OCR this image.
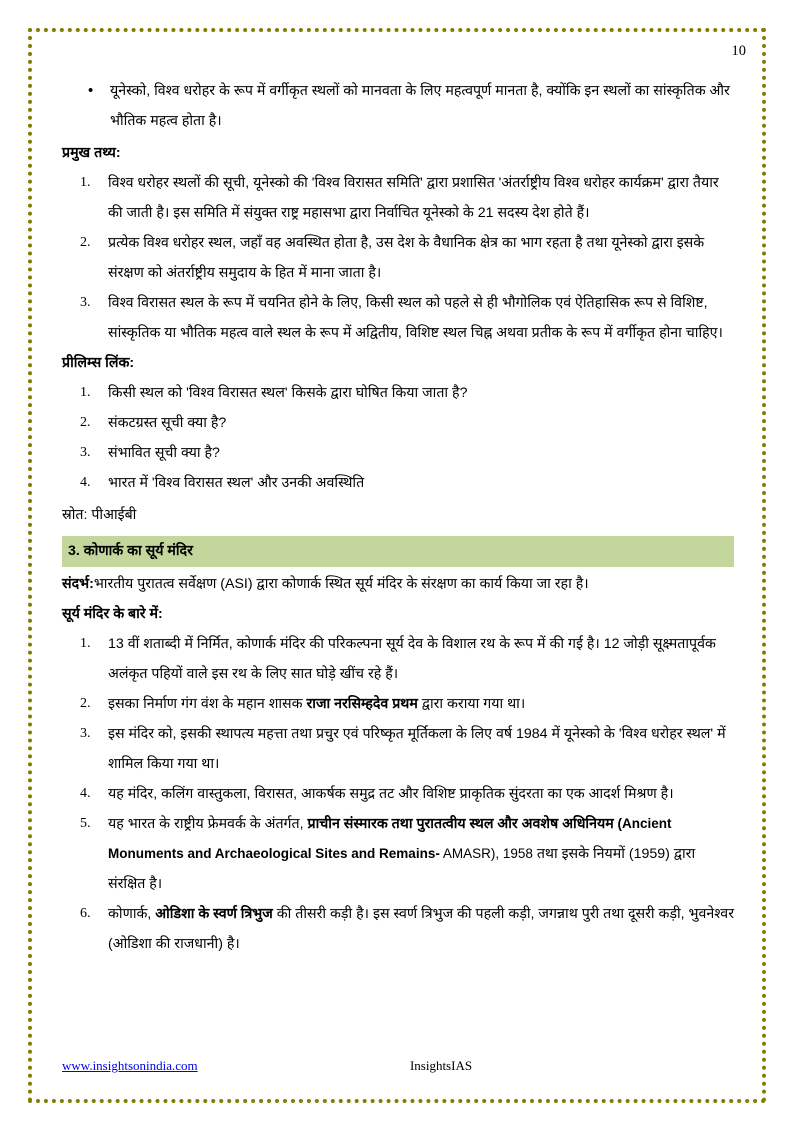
10
• यूनेस्को, विश्व धरोहर के रूप में वर्गीकृत स्थलों को मानवता के लिए महत्वपूर्ण मानता है, क्योंकि इन स्थलों का सांस्कृतिक और भौतिक महत्व होता है।
प्रमुख तथ्य:
विश्व धरोहर स्थलों की सूची, यूनेस्को की 'विश्व विरासत समिति' द्वारा प्रशासित 'अंतर्राष्ट्रीय विश्व धरोहर कार्यक्रम' द्वारा तैयार की जाती है। इस समिति में संयुक्त राष्ट्र महासभा द्वारा निर्वाचित यूनेस्को के 21 सदस्य देश होते हैं।
प्रत्येक विश्व धरोहर स्थल, जहाँ वह अवस्थित होता है, उस देश के वैधानिक क्षेत्र का भाग रहता है तथा यूनेस्को द्वारा इसके संरक्षण को अंतर्राष्ट्रीय समुदाय के हित में माना जाता है।
विश्व विरासत स्थल के रूप में चयनित होने के लिए, किसी स्थल को पहले से ही भौगोलिक एवं ऐतिहासिक रूप से विशिष्ट, सांस्कृतिक या भौतिक महत्व वाले स्थल के रूप में अद्वितीय, विशिष्ट स्थल चिह्न अथवा प्रतीक के रूप में वर्गीकृत होना चाहिए।
प्रीलिम्स लिंक:
किसी स्थल को 'विश्व विरासत स्थल' किसके द्वारा घोषित किया जाता है?
संकटग्रस्त सूची क्या है?
संभावित सूची क्या है?
भारत में 'विश्व विरासत स्थल' और उनकी अवस्थिति
स्रोत: पीआईबी
3. कोणार्क का सूर्य मंदिर
संदर्भ:भारतीय पुरातत्व सर्वेक्षण (ASI) द्वारा कोणार्क स्थित सूर्य मंदिर के संरक्षण का कार्य किया जा रहा है।
सूर्य मंदिर के बारे में:
13 वीं शताब्दी में निर्मित, कोणार्क मंदिर की परिकल्पना सूर्य देव के विशाल रथ के रूप में की गई है। 12 जोड़ी सूक्ष्मतापूर्वक अलंकृत पहियों वाले इस रथ के लिए सात घोड़े खींच रहे हैं।
इसका निर्माण गंग वंश के महान शासक राजा नरसिम्हदेव प्रथम द्वारा कराया गया था।
इस मंदिर को, इसकी स्थापत्य महत्ता तथा प्रचुर एवं परिष्कृत मूर्तिकला के लिए वर्ष 1984 में यूनेस्को के 'विश्व धरोहर स्थल' में शामिल किया गया था।
यह मंदिर, कलिंग वास्तुकला, विरासत, आकर्षक समुद्र तट और विशिष्ट प्राकृतिक सुंदरता का एक आदर्श मिश्रण है।
यह भारत के राष्ट्रीय फ्रेमवर्क के अंतर्गत, प्राचीन संस्मारक तथा पुरातत्वीय स्थल और अवशेष अधिनियम (Ancient Monuments and Archaeological Sites and Remains- AMASR), 1958 तथा इसके नियमों (1959) द्वारा संरक्षित है।
कोणार्क, ओडिशा के स्वर्ण त्रिभुज की तीसरी कड़ी है। इस स्वर्ण त्रिभुज की पहली कड़ी, जगन्नाथ पुरी तथा दूसरी कड़ी, भुवनेश्वर (ओडिशा की राजधानी) है।
www.insightsonindia.com	InsightsIAS
